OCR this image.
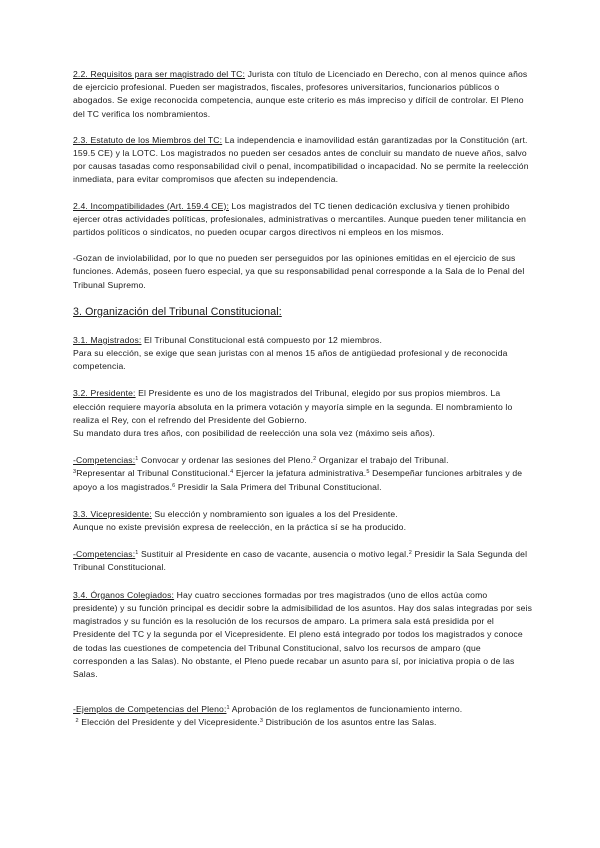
2.2. Requisitos para ser magistrado del TC: Jurista con título de Licenciado en Derecho, con al menos quince años de ejercicio profesional. Pueden ser magistrados, fiscales, profesores universitarios, funcionarios públicos o abogados. Se exige reconocida competencia, aunque este criterio es más impreciso y difícil de controlar. El Pleno del TC verifica los nombramientos.

2.3. Estatuto de los Miembros del TC: La independencia e inamovilidad están garantizadas por la Constitución (art. 159.5 CE) y la LOTC. Los magistrados no pueden ser cesados antes de concluir su mandato de nueve años, salvo por causas tasadas como responsabilidad civil o penal, incompatibilidad o incapacidad. No se permite la reelección inmediata, para evitar compromisos que afecten su independencia.

2.4. Incompatibilidades (Art. 159.4 CE): Los magistrados del TC tienen dedicación exclusiva y tienen prohibido ejercer otras actividades políticas, profesionales, administrativas o mercantiles. Aunque pueden tener militancia en partidos políticos o sindicatos, no pueden ocupar cargos directivos ni empleos en los mismos.

-Gozan de inviolabilidad, por lo que no pueden ser perseguidos por las opiniones emitidas en el ejercicio de sus funciones. Además, poseen fuero especial, ya que su responsabilidad penal corresponde a la Sala de lo Penal del Tribunal Supremo.

3. Organización del Tribunal Constitucional:

3.1. Magistrados: El Tribunal Constitucional está compuesto por 12 miembros.

Para su elección, se exige que sean juristas con al menos 15 años de antigüedad profesional y de reconocida competencia.

3.2. Presidente: El Presidente es uno de los magistrados del Tribunal, elegido por sus propios miembros. La elección requiere mayoría absoluta en la primera votación y mayoría simple en la segunda. El nombramiento lo realiza el Rey, con el refrendo del Presidente del Gobierno.

Su mandato dura tres años, con posibilidad de reelección una sola vez (máximo seis años).

-Competencias:$^1$ Convocar y ordenar las sesiones del Pleno.$^2$ Organizar el trabajo del Tribunal.
$^3$Representar al Tribunal Constitucional.$^4$ Ejercer la jefatura administrativa.$^5$ Desempeñar funciones arbitrales y de apoyo a los magistrados.$^6$ Presidir la Sala Primera del Tribunal Constitucional.

3.3. Vicepresidente: Su elección y nombramiento son iguales a los del Presidente.

Aunque no existe previsión expresa de reelección, en la práctica sí se ha producido.

-Competencias:$^1$ Sustituir al Presidente en caso de vacante, ausencia o motivo legal.$^2$ Presidir la Sala Segunda del Tribunal Constitucional.

3.4. Órganos Colegiados: Hay cuatro secciones formadas por tres magistrados (uno de ellos actúa como presidente) y su función principal es decidir sobre la admisibilidad de los asuntos. Hay dos salas integradas por seis magistrados y su función es la resolución de los recursos de amparo. La primera sala está presidida por el Presidente del TC y la segunda por el Vicepresidente. El pleno está integrado por todos los magistrados y conoce de todas las cuestiones de competencia del Tribunal Constitucional, salvo los recursos de amparo (que corresponden a las Salas). No obstante, el Pleno puede recabar un asunto para sí, por iniciativa propia o de las Salas.

-Ejemplos de Competencias del Pleno:$^1$ Aprobación de los reglamentos de funcionamiento interno.
$^2$ Elección del Presidente y del Vicepresidente.$^3$ Distribución de los asuntos entre las Salas.
